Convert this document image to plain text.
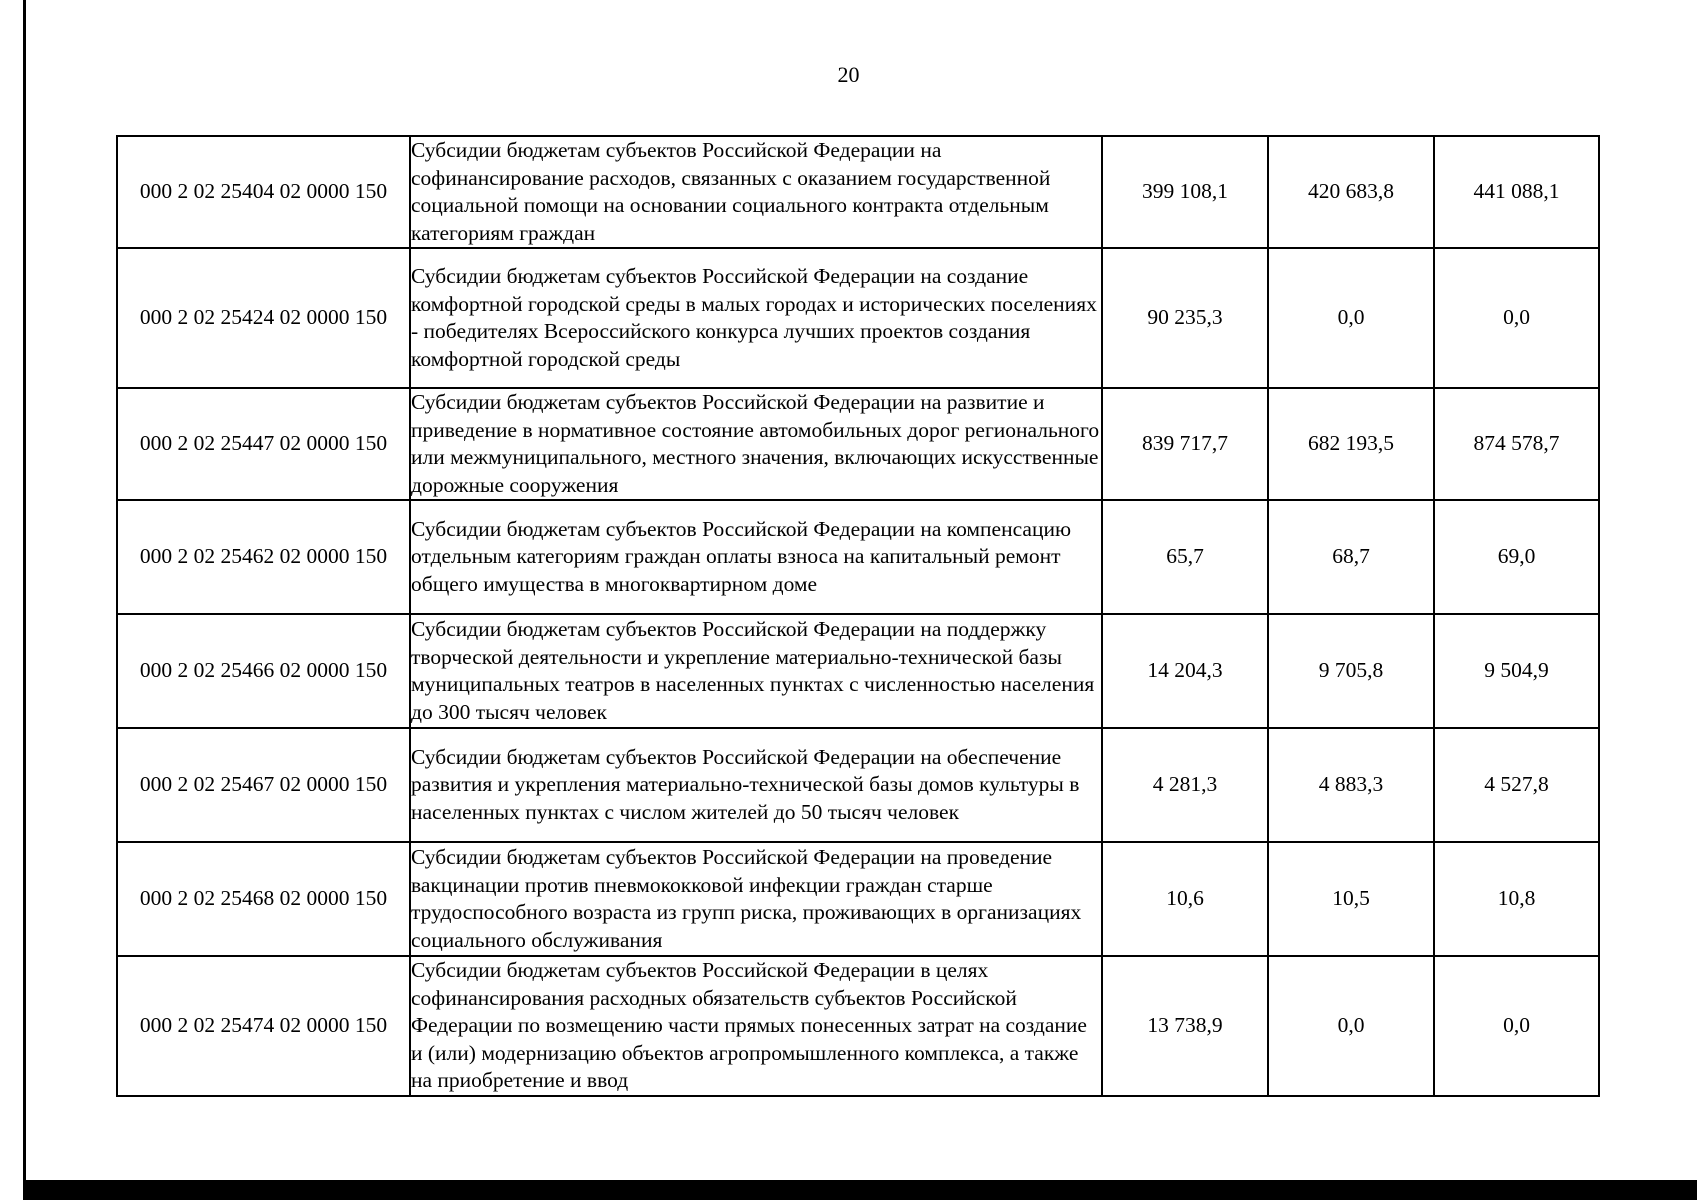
20
000 2 02 25404 02 0000 150	Субсидии бюджетам субъектов Российской Федерации на софинансирование расходов, связанных с оказанием государственной социальной помощи на основании социального контракта отдельным категориям граждан	399 108,1	420 683,8	441 088,1
000 2 02 25424 02 0000 150	Субсидии бюджетам субъектов Российской Федерации на создание комфортной городской среды в малых городах и исторических поселениях - победителях Всероссийского конкурса лучших проектов создания комфортной городской среды	90 235,3	0,0	0,0
000 2 02 25447 02 0000 150	Субсидии бюджетам субъектов Российской Федерации на развитие и приведение в нормативное состояние автомобильных дорог регионального или межмуниципального, местного значения, включающих искусственные дорожные сооружения	839 717,7	682 193,5	874 578,7
000 2 02 25462 02 0000 150	Субсидии бюджетам субъектов Российской Федерации на компенсацию отдельным категориям граждан оплаты взноса на капитальный ремонт общего имущества в многоквартирном доме	65,7	68,7	69,0
000 2 02 25466 02 0000 150	Субсидии бюджетам субъектов Российской Федерации на поддержку творческой деятельности и укрепление материально-технической базы муниципальных театров в населенных пунктах с численностью населения до 300 тысяч человек	14 204,3	9 705,8	9 504,9
000 2 02 25467 02 0000 150	Субсидии бюджетам субъектов Российской Федерации на обеспечение развития и укрепления материально-технической базы домов культуры в населенных пунктах с числом жителей до 50 тысяч человек	4 281,3	4 883,3	4 527,8
000 2 02 25468 02 0000 150	Субсидии бюджетам субъектов Российской Федерации на проведение вакцинации против пневмококковой инфекции граждан старше трудоспособного возраста из групп риска, проживающих в организациях социального обслуживания	10,6	10,5	10,8
000 2 02 25474 02 0000 150	Субсидии бюджетам субъектов Российской Федерации в целях софинансирования расходных обязательств субъектов Российской Федерации по возмещению части прямых понесенных затрат на создание и (или) модернизацию объектов агропромышленного комплекса, а также на приобретение и ввод	13 738,9	0,0	0,0
